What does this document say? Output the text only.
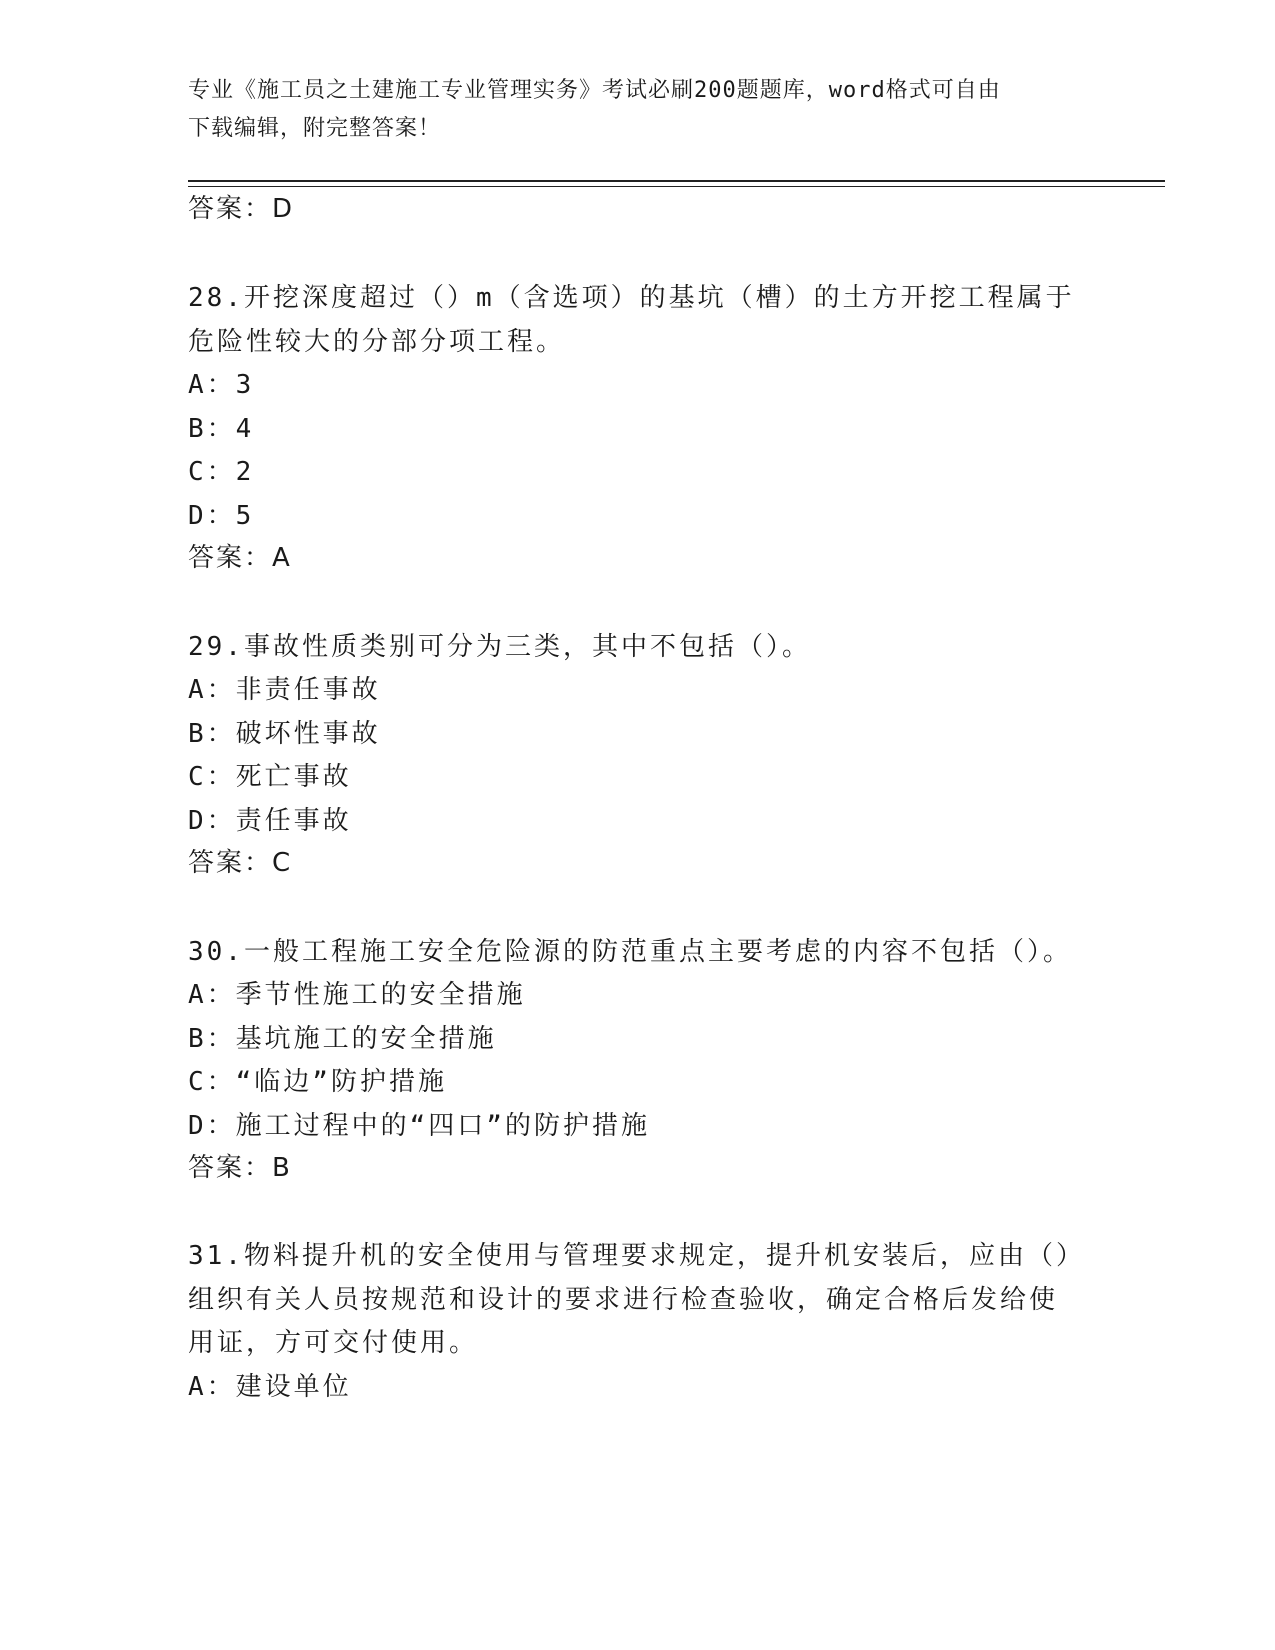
专业《施工员之土建施工专业管理实务》考试必刷200题题库，word格式可自由
下载编辑，附完整答案！
答案：D
28.开挖深度超过（）m（含选项）的基坑（槽）的土方开挖工程属于
危险性较大的分部分项工程。
A：3
B：4
C：2
D：5
答案：A
29.事故性质类别可分为三类，其中不包括（）。
A：非责任事故
B：破坏性事故
C：死亡事故
D：责任事故
答案：C
30.一般工程施工安全危险源的防范重点主要考虑的内容不包括（）。
A：季节性施工的安全措施
B：基坑施工的安全措施
C：“临边”防护措施
D：施工过程中的“四口”的防护措施
答案：B
31.物料提升机的安全使用与管理要求规定，提升机安装后，应由（）
组织有关人员按规范和设计的要求进行检查验收，确定合格后发给使
用证，方可交付使用。
A：建设单位
